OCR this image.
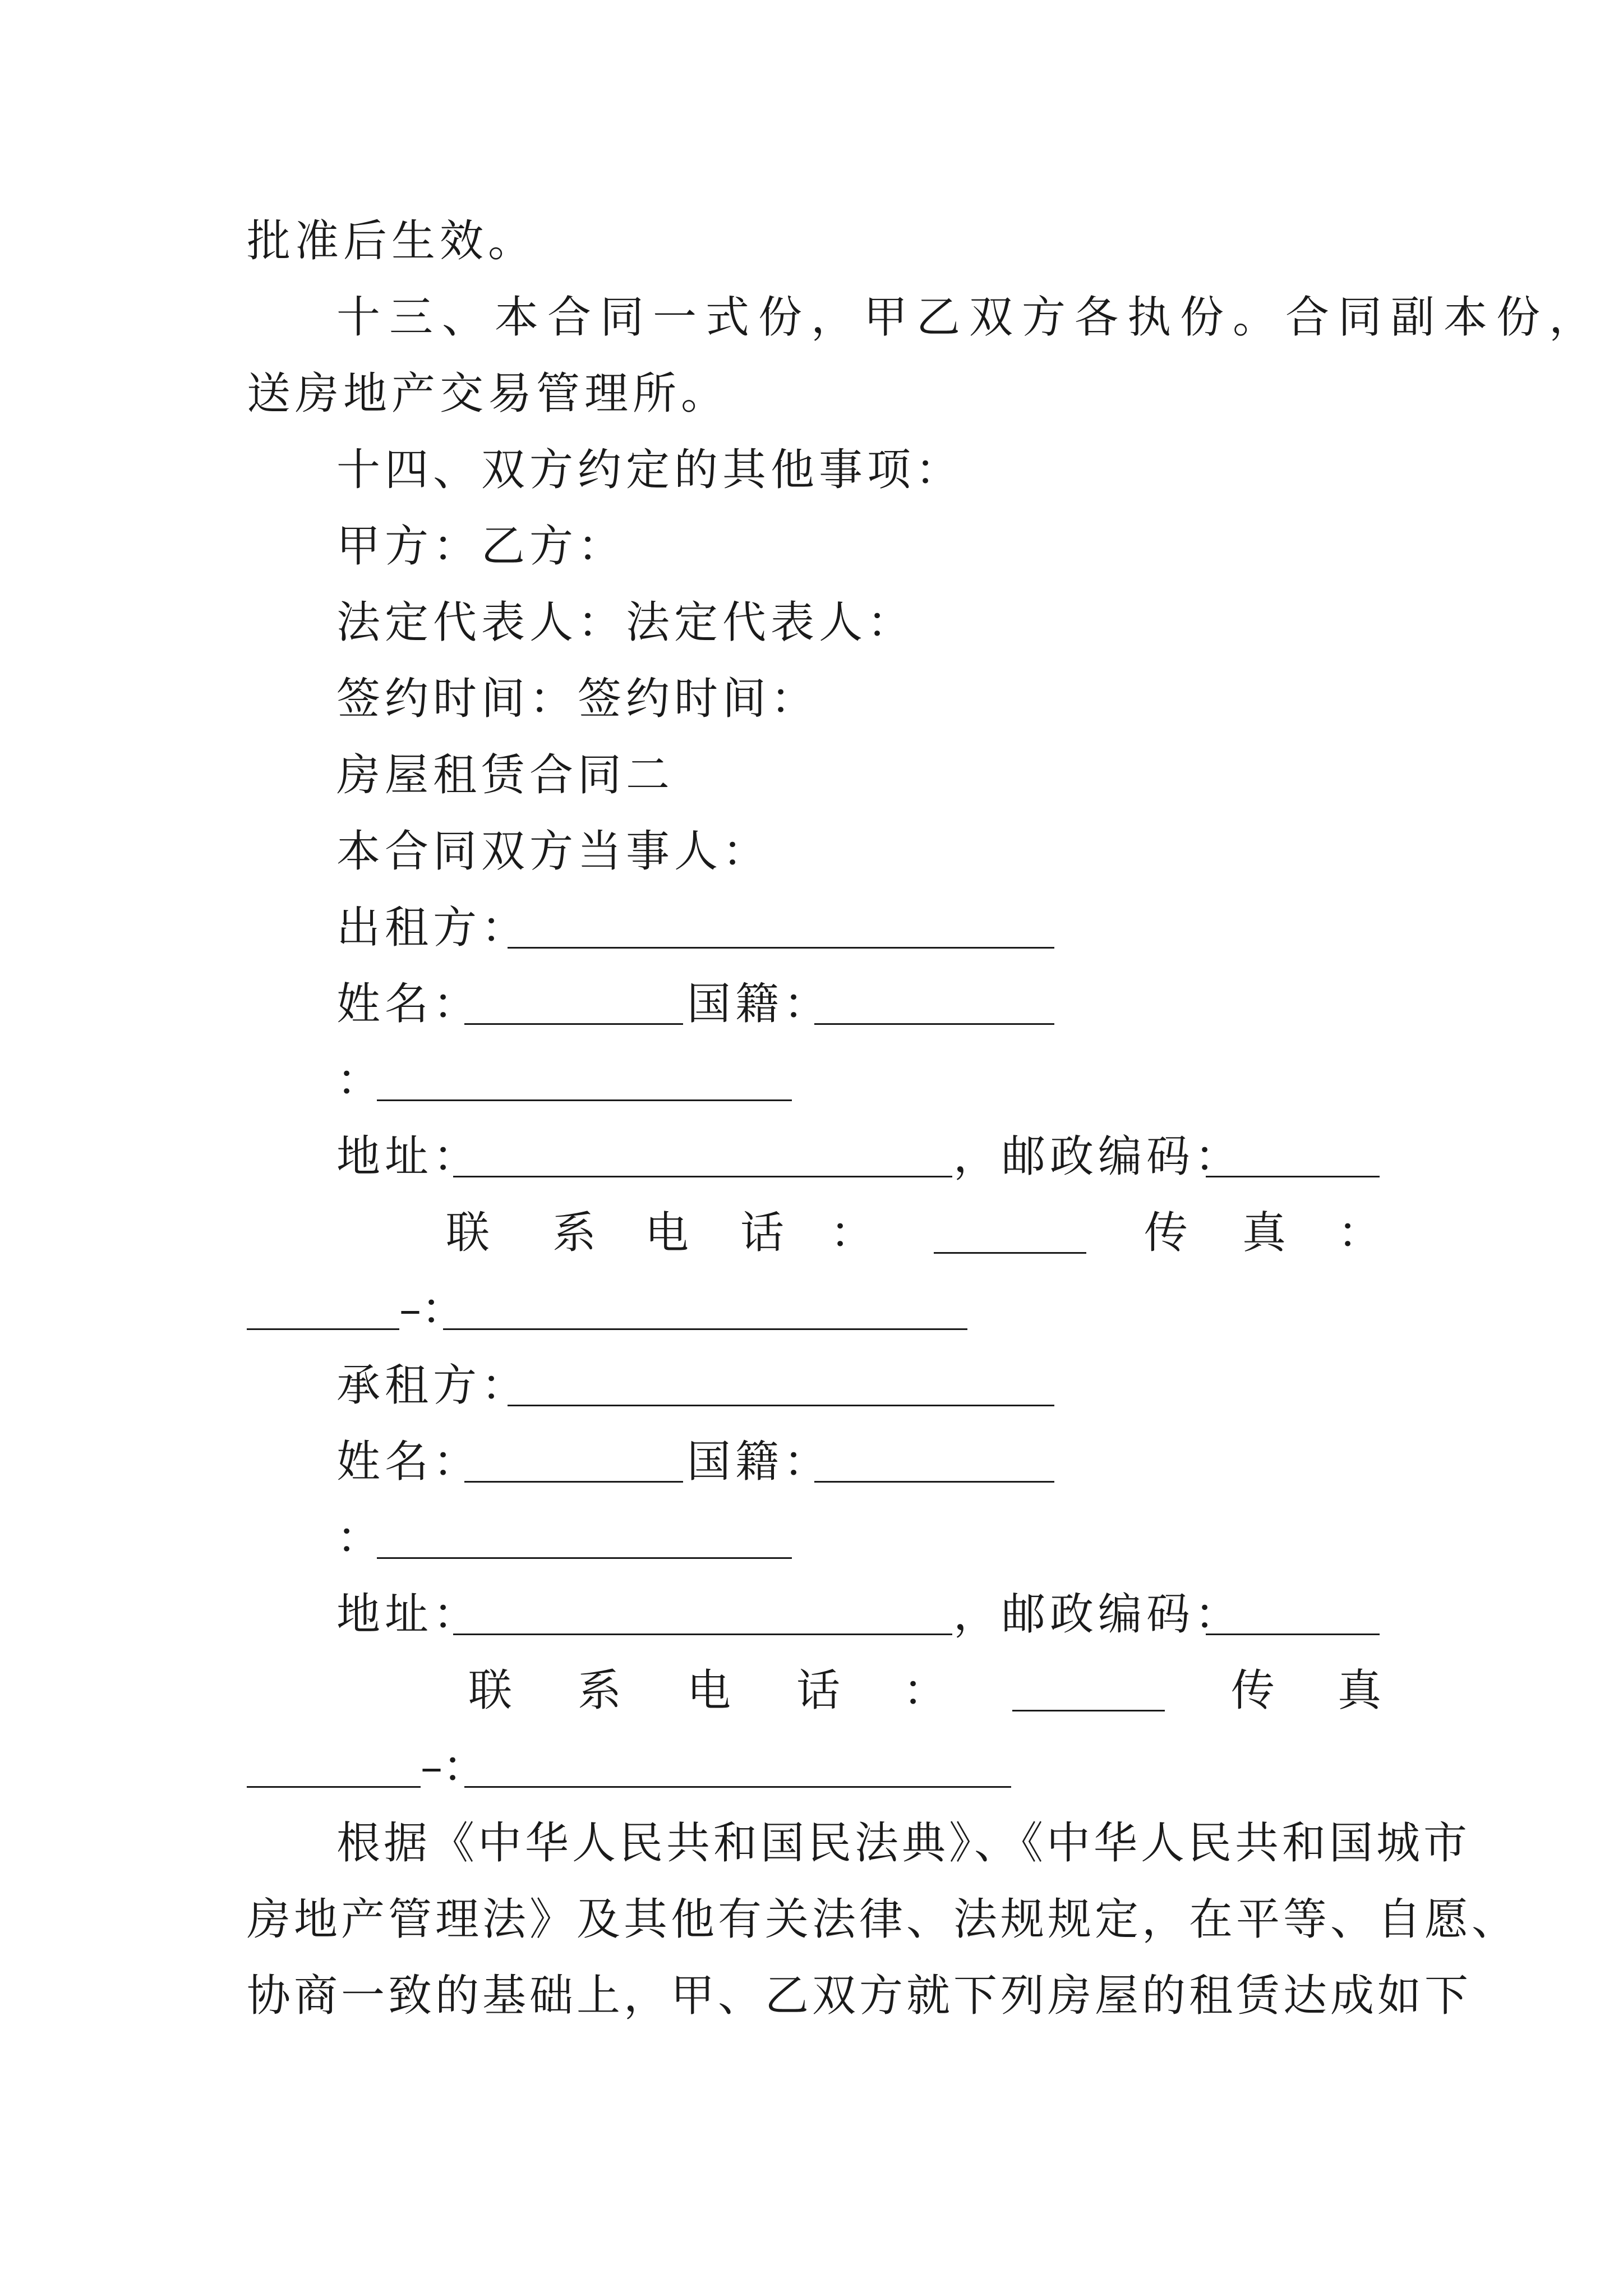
批准后生效。
十三、本合同一式份，甲乙双方各执份。合同副本份，
送房地产交易管理所。
十四、双方约定的其他事项：
甲方：乙方：
法定代表人：法定代表人：
签约时间：签约时间：
房屋租赁合同二
本合同双方当事人：
出租方：
姓名：	国籍：
：
地址：	，邮政编码：
联 系 电 话 ：	传 真 ：
–：
承租方：
姓名：	国籍：
：
地址：	，邮政编码：
联 系 电 话 ：	传 真
–：
根据《中华人民共和国民法典》、《中华人民共和国城市
房地产管理法》及其他有关法律、法规规定，在平等、自愿、
协商一致的基础上，甲、乙双方就下列房屋的租赁达成如下
